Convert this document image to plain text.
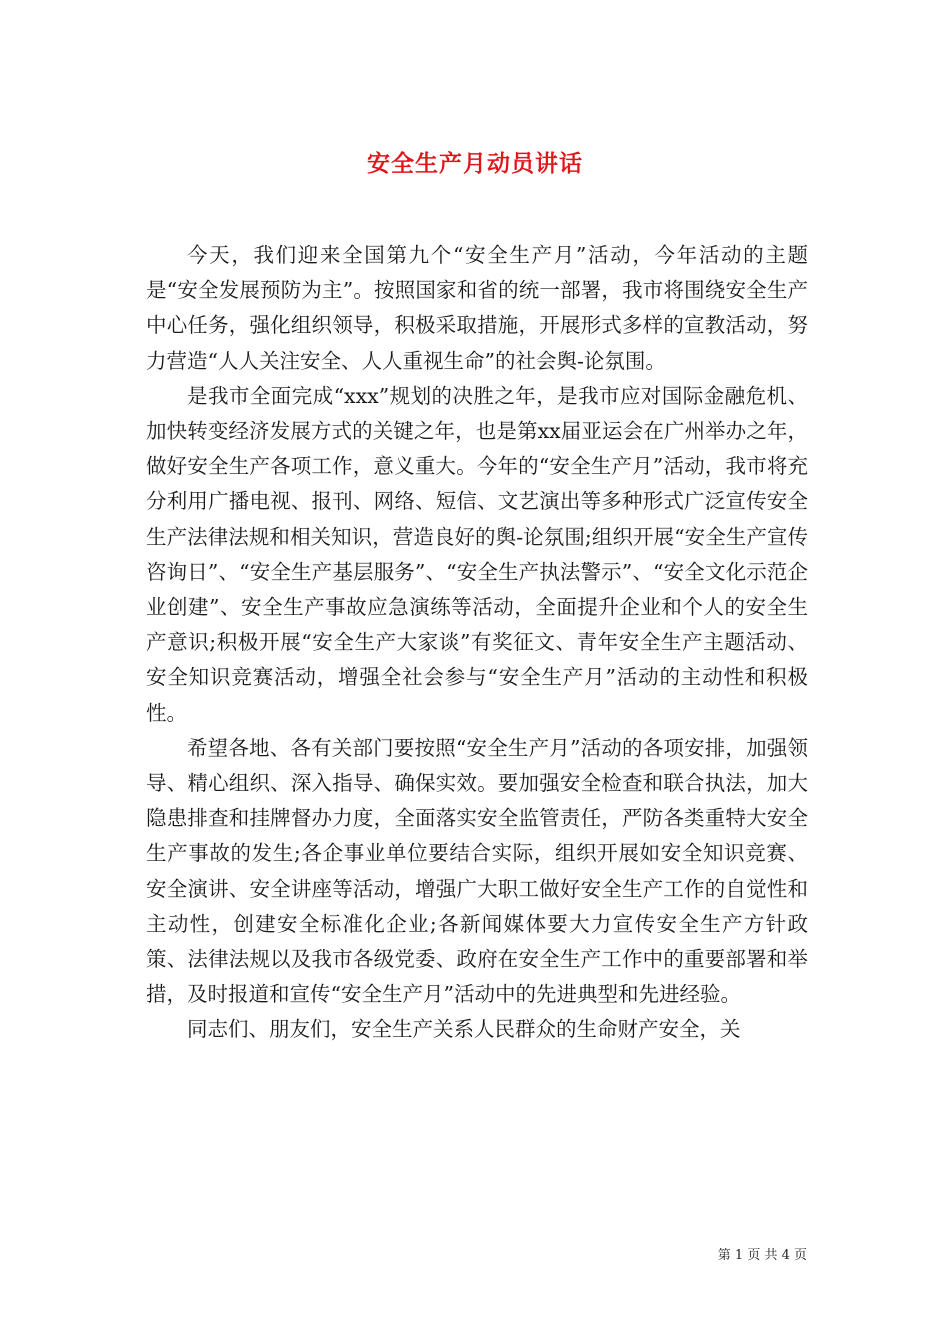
安全生产月动员讲话

今天，我们迎来全国第九个“安全生产月”活动，今年活动的主题是“安全发展预防为主”。按照国家和省的统一部署，我市将围绕安全生产中心任务，强化组织领导，积极采取措施，开展形式多样的宣教活动，努力营造“人人关注安全、人人重视生命”的社会舆-论氛围。

是我市全面完成“xxx”规划的决胜之年，是我市应对国际金融危机、加快转变经济发展方式的关键之年，也是第xx届亚运会在广州举办之年，做好安全生产各项工作，意义重大。今年的“安全生产月”活动，我市将充分利用广播电视、报刊、网络、短信、文艺演出等多种形式广泛宣传安全生产法律法规和相关知识，营造良好的舆-论氛围;组织开展“安全生产宣传咨询日”、“安全生产基层服务”、“安全生产执法警示”、“安全文化示范企业创建”、安全生产事故应急演练等活动，全面提升企业和个人的安全生产意识;积极开展“安全生产大家谈”有奖征文、青年安全生产主题活动、安全知识竞赛活动，增强全社会参与“安全生产月”活动的主动性和积极性。

希望各地、各有关部门要按照“安全生产月”活动的各项安排，加强领导、精心组织、深入指导、确保实效。要加强安全检查和联合执法，加大隐患排查和挂牌督办力度，全面落实安全监管责任，严防各类重特大安全生产事故的发生;各企事业单位要结合实际，组织开展如安全知识竞赛、安全演讲、安全讲座等活动，增强广大职工做好安全生产工作的自觉性和主动性，创建安全标准化企业;各新闻媒体要大力宣传安全生产方针政策、法律法规以及我市各级党委、政府在安全生产工作中的重要部署和举措，及时报道和宣传“安全生产月”活动中的先进典型和先进经验。

同志们、朋友们，安全生产关系人民群众的生命财产安全，关

第 1 页 共 4 页
